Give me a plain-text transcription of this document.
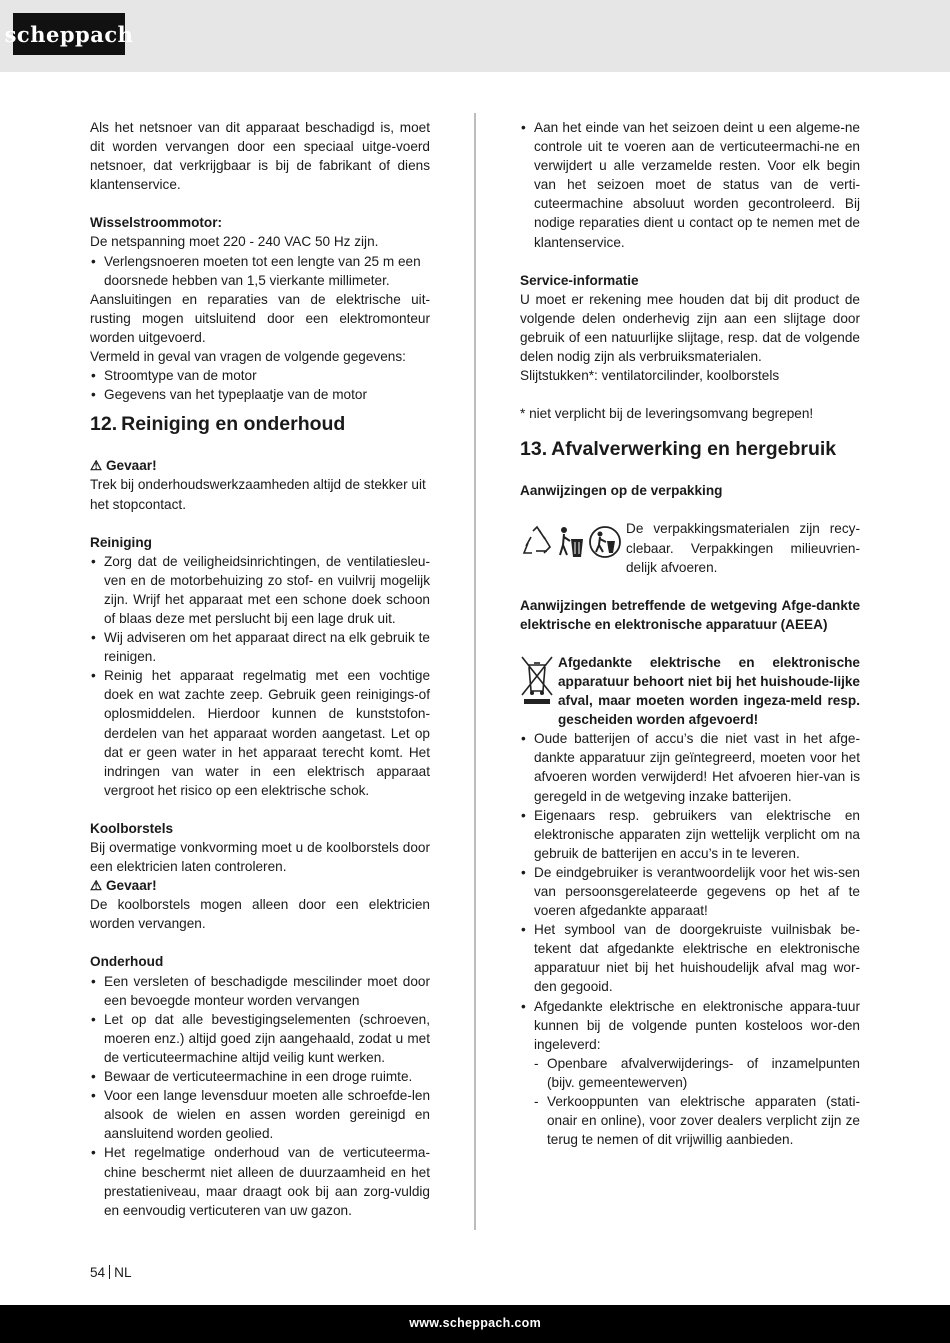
scheppach

Als het netsnoer van dit apparaat beschadigd is, moet dit worden vervangen door een speciaal uitge-voerd netsnoer, dat verkrijgbaar is bij de fabrikant of diens klantenservice.

Wisselstroommotor:

De netspanning moet 220 - 240 VAC 50 Hz zijn.

• Verlengsnoeren moeten tot een lengte van 25 m een doorsnede hebben van 1,5 vierkante millimeter.

Aansluitingen en reparaties van de elektrische uit-rusting mogen uitsluitend door een elektromonteur worden uitgevoerd.

Vermeld in geval van vragen de volgende gegevens:

• Stroomtype van de motor

• Gegevens van het typeplaatje van de motor

12. Reiniging en onderhoud

⚠ Gevaar!

Trek bij onderhoudswerkzaamheden altijd de stekker uit het stopcontact.

Reiniging

• Zorg dat de veiligheidsinrichtingen, de ventilatiesleu-ven en de motorbehuizing zo stof- en vuilvrij mogelijk zijn. Wrijf het apparaat met een schone doek schoon of blaas deze met perslucht bij een lage druk uit.

• Wij adviseren om het apparaat direct na elk gebruik te reinigen.

• Reinig het apparaat regelmatig met een vochtige doek en wat zachte zeep. Gebruik geen reinigings-of oplosmiddelen. Hierdoor kunnen de kunststofon-derdelen van het apparaat worden aangetast. Let op dat er geen water in het apparaat terecht komt. Het indringen van water in een elektrisch apparaat vergroot het risico op een elektrische schok.

Koolborstels

Bij overmatige vonkvorming moet u de koolborstels door een elektricien laten controleren.

⚠ Gevaar!

De koolborstels mogen alleen door een elektricien worden vervangen.

Onderhoud

• Een versleten of beschadigde mescilinder moet door een bevoegde monteur worden vervangen

• Let op dat alle bevestigingselementen (schroeven, moeren enz.) altijd goed zijn aangehaald, zodat u met de verticuteermachine altijd veilig kunt werken.

• Bewaar de verticuteermachine in een droge ruimte.

• Voor een lange levensduur moeten alle schroefde-len alsook de wielen en assen worden gereinigd en aansluitend worden geolied.

• Het regelmatige onderhoud van de verticuteerma-chine beschermt niet alleen de duurzaamheid en het prestatieniveau, maar draagt ook bij aan zorg-vuldig en eenvoudig verticuteren van uw gazon.

• Aan het einde van het seizoen deint u een algeme-ne controle uit te voeren aan de verticuteermachi-ne en verwijdert u alle verzamelde resten. Voor elk begin van het seizoen moet de status van de verti-cuteermachine absoluut worden gecontroleerd. Bij nodige reparaties dient u contact op te nemen met de klantenservice.

Service-informatie

U moet er rekening mee houden dat bij dit product de volgende delen onderhevig zijn aan een slijtage door gebruik of een natuurlijke slijtage, resp. dat de volgende delen nodig zijn als verbruiksmaterialen.

Slijtstukken*: ventilatorcilinder, koolborstels

* niet verplicht bij de leveringsomvang begrepen!

13. Afvalverwerking en hergebruik

Aanwijzingen op de verpakking

De verpakkingsmaterialen zijn recy-clebaar. Verpakkingen milieuvrien-delijk afvoeren.

Aanwijzingen betreffende de wetgeving Afge-dankte elektrische en elektronische apparatuur (AEEA)

Afgedankte elektrische en elektronische apparatuur behoort niet bij het huishoude-lijke afval, maar moeten worden ingeza-meld resp. gescheiden worden afgevoerd!

• Oude batterijen of accu’s die niet vast in het afge-dankte apparatuur zijn geïntegreerd, moeten voor het afvoeren worden verwijderd! Het afvoeren hier-van is geregeld in de wetgeving inzake batterijen.

• Eigenaars resp. gebruikers van elektrische en elektronische apparaten zijn wettelijk verplicht om na gebruik de batterijen en accu’s in te leveren.

• De eindgebruiker is verantwoordelijk voor het wis-sen van persoonsgerelateerde gegevens op het af te voeren afgedankte apparaat!

• Het symbool van de doorgekruiste vuilnisbak be-tekent dat afgedankte elektrische en elektronische apparatuur niet bij het huishoudelijk afval mag wor-den gegooid.

• Afgedankte elektrische en elektronische appara-tuur kunnen bij de volgende punten kosteloos wor-den ingeleverd:

- Openbare afvalverwijderings- of inzamelpunten (bijv. gemeentewerven)

- Verkooppunten van elektrische apparaten (stati-onair en online), voor zover dealers verplicht zijn ze terug te nemen of dit vrijwillig aanbieden.

54 NL
www.scheppach.com
